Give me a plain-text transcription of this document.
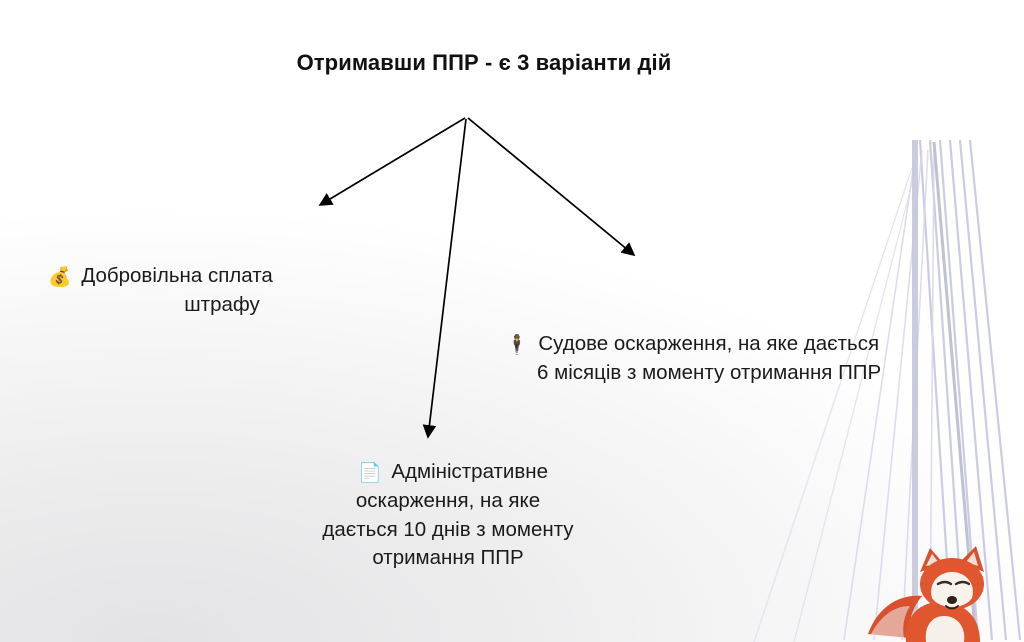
Отримавши ППР - є 3 варіанти дій
💰 Добровільна сплата
штрафу
🕴 Судове оскарження, на яке дається
6 місяців з моменту отримання ППР
📄 Адміністративне
оскарження, на яке
дається 10 днів з моменту
отримання ППР
